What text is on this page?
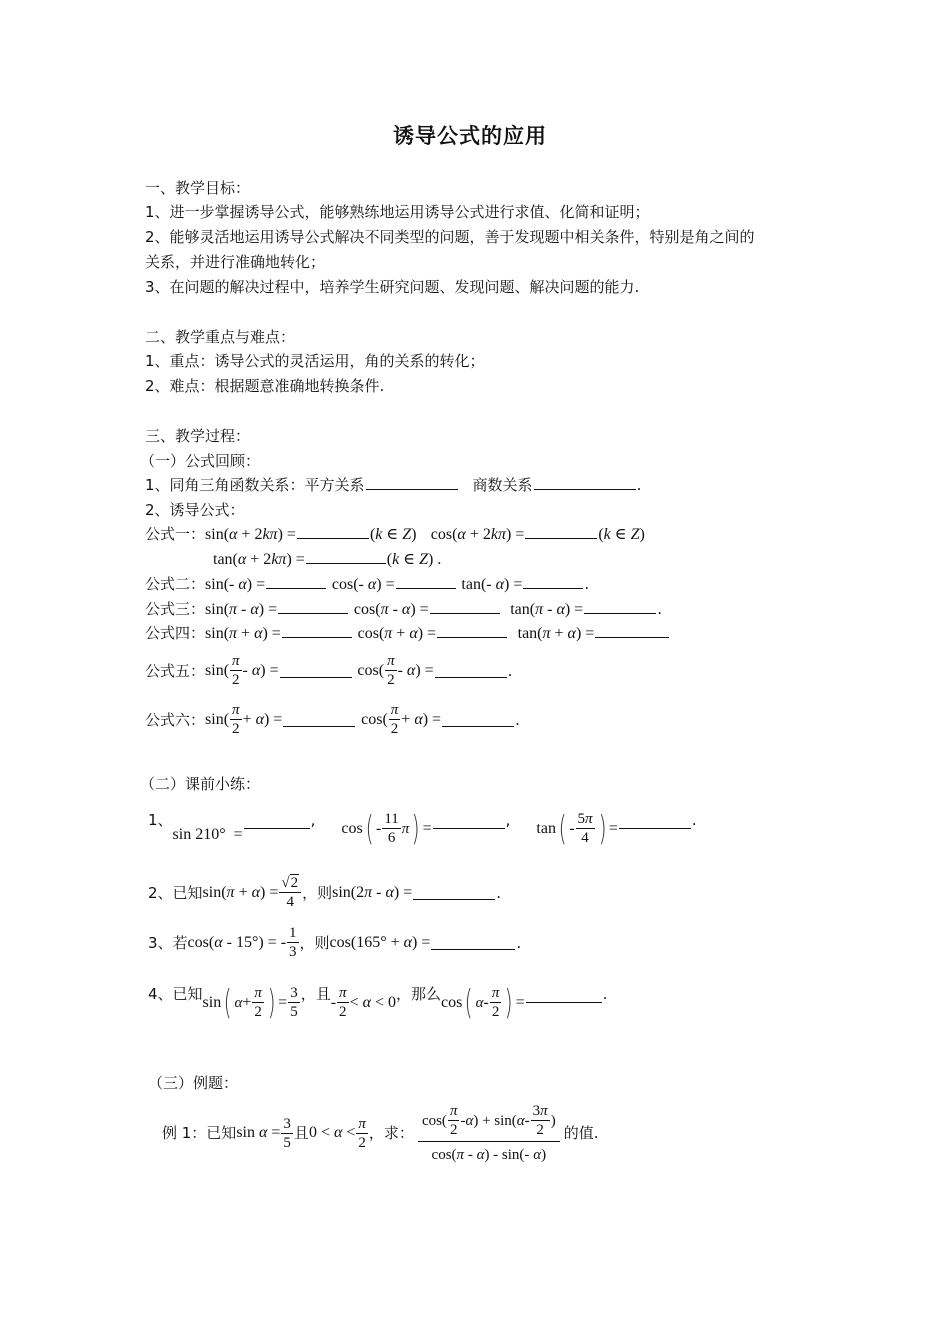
诱导公式的应用
一、教学目标：
1、进一步掌握诱导公式，能够熟练地运用诱导公式进行求值、化简和证明；
2、能够灵活地运用诱导公式解决不同类型的问题，善于发现题中相关条件，特别是角之间的
关系，并进行准确地转化；
3、在问题的解决过程中，培养学生研究问题、发现问题、解决问题的能力.
二、教学重点与难点：
1、重点：诱导公式的灵活运用，角的关系的转化；
2、难点：根据题意准确地转换条件.
三、教学过程：
（一）公式回顾：
1、同角三角函数关系：平方关系	商数关系	.
2、诱导公式：
公式一：sin(α + 2kπ) =	(k ∈ Z) cos(α + 2kπ) =	(k ∈ Z)
tan(α + 2kπ) =	(k ∈ Z) .
公式二：sin(- α) =	cos(- α) =	tan(- α) =	.
公式三：sin(π - α) =	cos(π - α) =	tan(π - α) =	.
公式四：sin(π + α) =	cos(π + α) =	tan(π + α) =
公式五： $\sin( \frac{\pi}{2} - \alpha)$ =
	$\cos( \frac{\pi}{2} - \alpha)$ =	.
公式六： $\sin( \frac{\pi}{2} + \alpha)$ =
	$\cos( \frac{\pi}{2} + \alpha)$ =	.
（二）课前小练：
1、
sin 210°  =
, cos ( - $\frac{11}{6}$ π ) =	, tan ( - $\frac{5\pi}{4}$ ) =	.
2、已知 $\sin(\pi + \alpha) = \frac{√2}{4}$ ，则 sin(2π - α) =	.
3、若 cos(α - 15°) = - $\frac{1}{3}$ ，则 cos(165° + α) =	.
4、已知 sin ( $\alpha + \frac{\pi}{2}$ ) = $\frac{3}{5}$ ，且 - $\frac{\pi}{2} < \alpha < 0$ ，那么 cos ( α - $\frac{\pi}{2}$ ) =	.
（三）例题：
例 1：已知 $\sin \alpha = \frac{3}{5}$ 且 $0 < \alpha < \frac{\pi}{2}$ ，求： $\frac{\cos( \frac{\pi}{2} - \alpha ) + \sin( \alpha - \frac{3\pi}{2} )}{\cos(\pi - \alpha) - \sin(- \alpha)}$ 的值.
